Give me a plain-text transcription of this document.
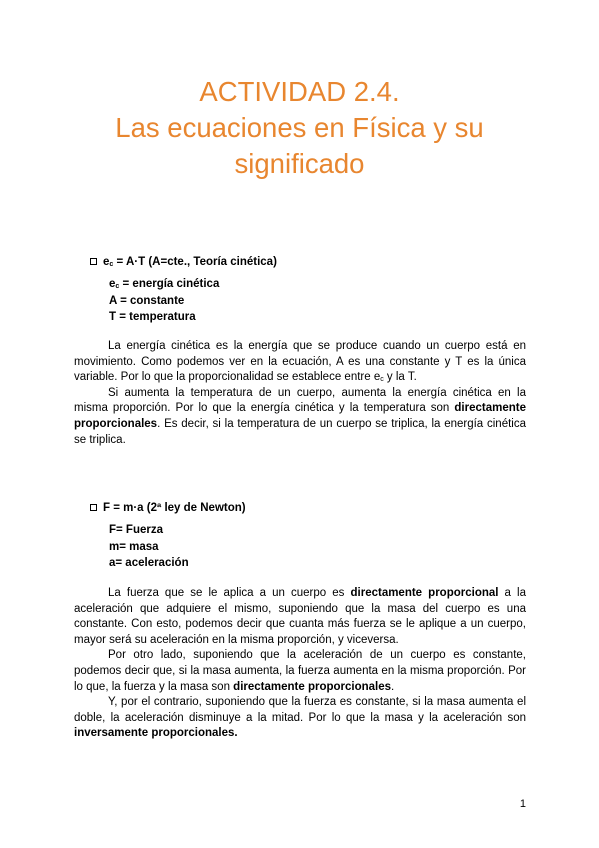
ACTIVIDAD 2.4.
Las ecuaciones en Física y su
significado
$e_c = A\cdot T$ (A=cte., Teoría cinética)
$e_c$ = energía cinética
A = constante
T = temperatura

La energía cinética es la energía que se produce cuando un cuerpo está en movimiento. Como podemos ver en la ecuación, A es una constante y T es la única variable. Por lo que la proporcionalidad se establece entre $e_c$ y la T.

Si aumenta la temperatura de un cuerpo, aumenta la energía cinética en la misma proporción. Por lo que la energía cinética y la temperatura son directamente proporcionales. Es decir, si la temperatura de un cuerpo se triplica, la energía cinética se triplica.

F = m·a (2ª ley de Newton)
F= Fuerza
m= masa
a= aceleración

La fuerza que se le aplica a un cuerpo es directamente proporcional a la aceleración que adquiere el mismo, suponiendo que la masa del cuerpo es una constante. Con esto, podemos decir que cuanta más fuerza se le aplique a un cuerpo, mayor será su aceleración en la misma proporción, y viceversa.

Por otro lado, suponiendo que la aceleración de un cuerpo es constante, podemos decir que, si la masa aumenta, la fuerza aumenta en la misma proporción. Por lo que, la fuerza y la masa son directamente proporcionales.

Y, por el contrario, suponiendo que la fuerza es constante, si la masa aumenta el doble, la aceleración disminuye a la mitad. Por lo que la masa y la aceleración son inversamente proporcionales.

1
